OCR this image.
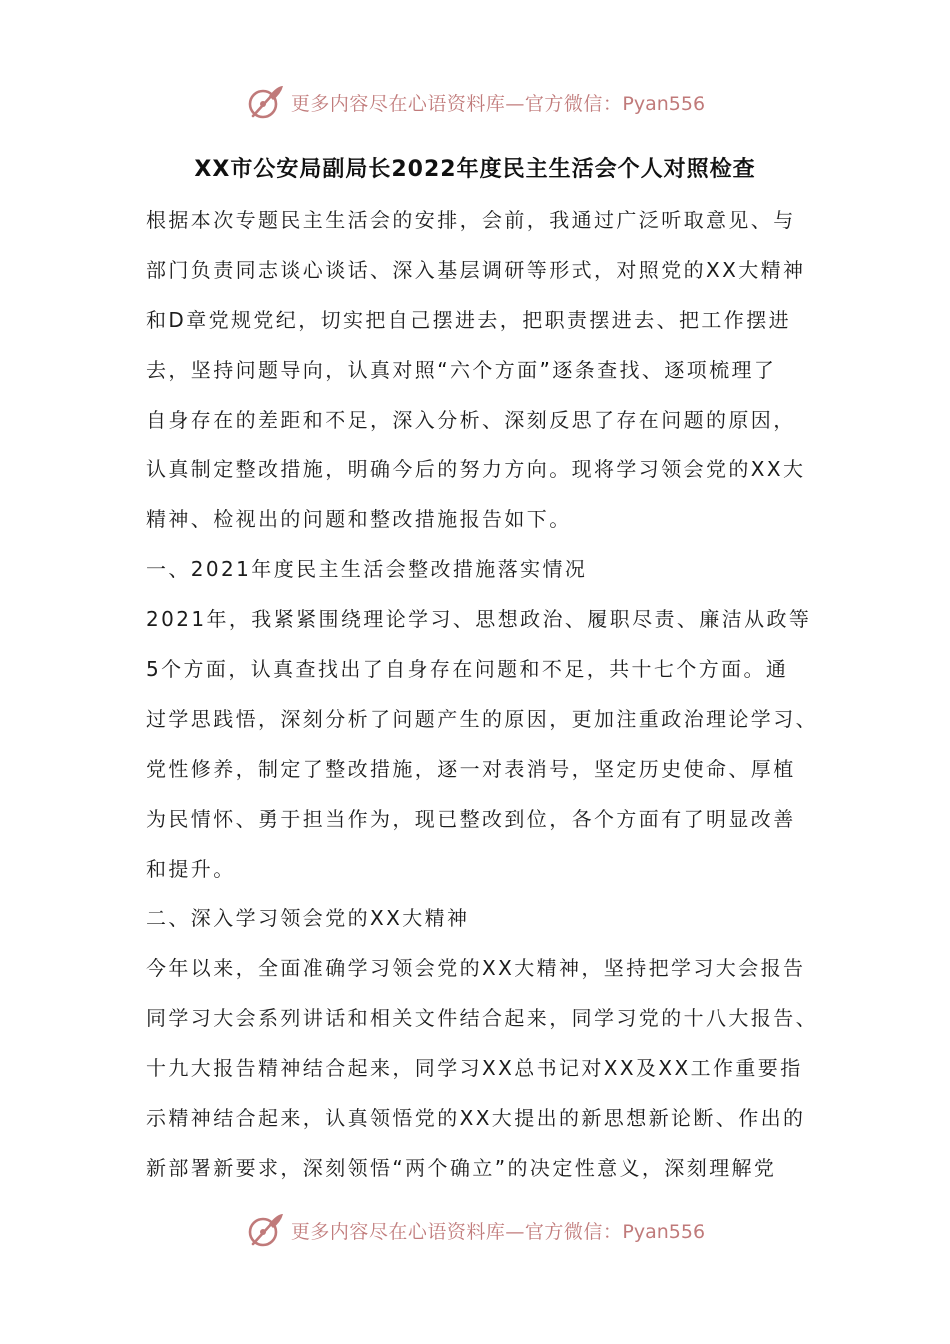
更多内容尽在心语资料库—官方微信：Pyan556
XX市公安局副局长2022年度民主生活会个人对照检查
根据本次专题民主生活会的安排，会前，我通过广泛听取意见、与
部门负责同志谈心谈话、深入基层调研等形式，对照党的XX大精神
和D章党规党纪，切实把自己摆进去，把职责摆进去、把工作摆进
去，坚持问题导向，认真对照“六个方面”逐条查找、逐项梳理了
自身存在的差距和不足，深入分析、深刻反思了存在问题的原因，
认真制定整改措施，明确今后的努力方向。现将学习领会党的XX大
精神、检视出的问题和整改措施报告如下。
一、2021年度民主生活会整改措施落实情况
2021年，我紧紧围绕理论学习、思想政治、履职尽责、廉洁从政等
5个方面，认真查找出了自身存在问题和不足，共十七个方面。通
过学思践悟，深刻分析了问题产生的原因，更加注重政治理论学习、
党性修养，制定了整改措施，逐一对表消号，坚定历史使命、厚植
为民情怀、勇于担当作为，现已整改到位，各个方面有了明显改善
和提升。
二、深入学习领会党的XX大精神
今年以来，全面准确学习领会党的XX大精神，坚持把学习大会报告
同学习大会系列讲话和相关文件结合起来，同学习党的十八大报告、
十九大报告精神结合起来，同学习XX总书记对XX及XX工作重要指
示精神结合起来，认真领悟党的XX大提出的新思想新论断、作出的
新部署新要求，深刻领悟“两个确立”的决定性意义，深刻理解党
更多内容尽在心语资料库—官方微信：Pyan556
